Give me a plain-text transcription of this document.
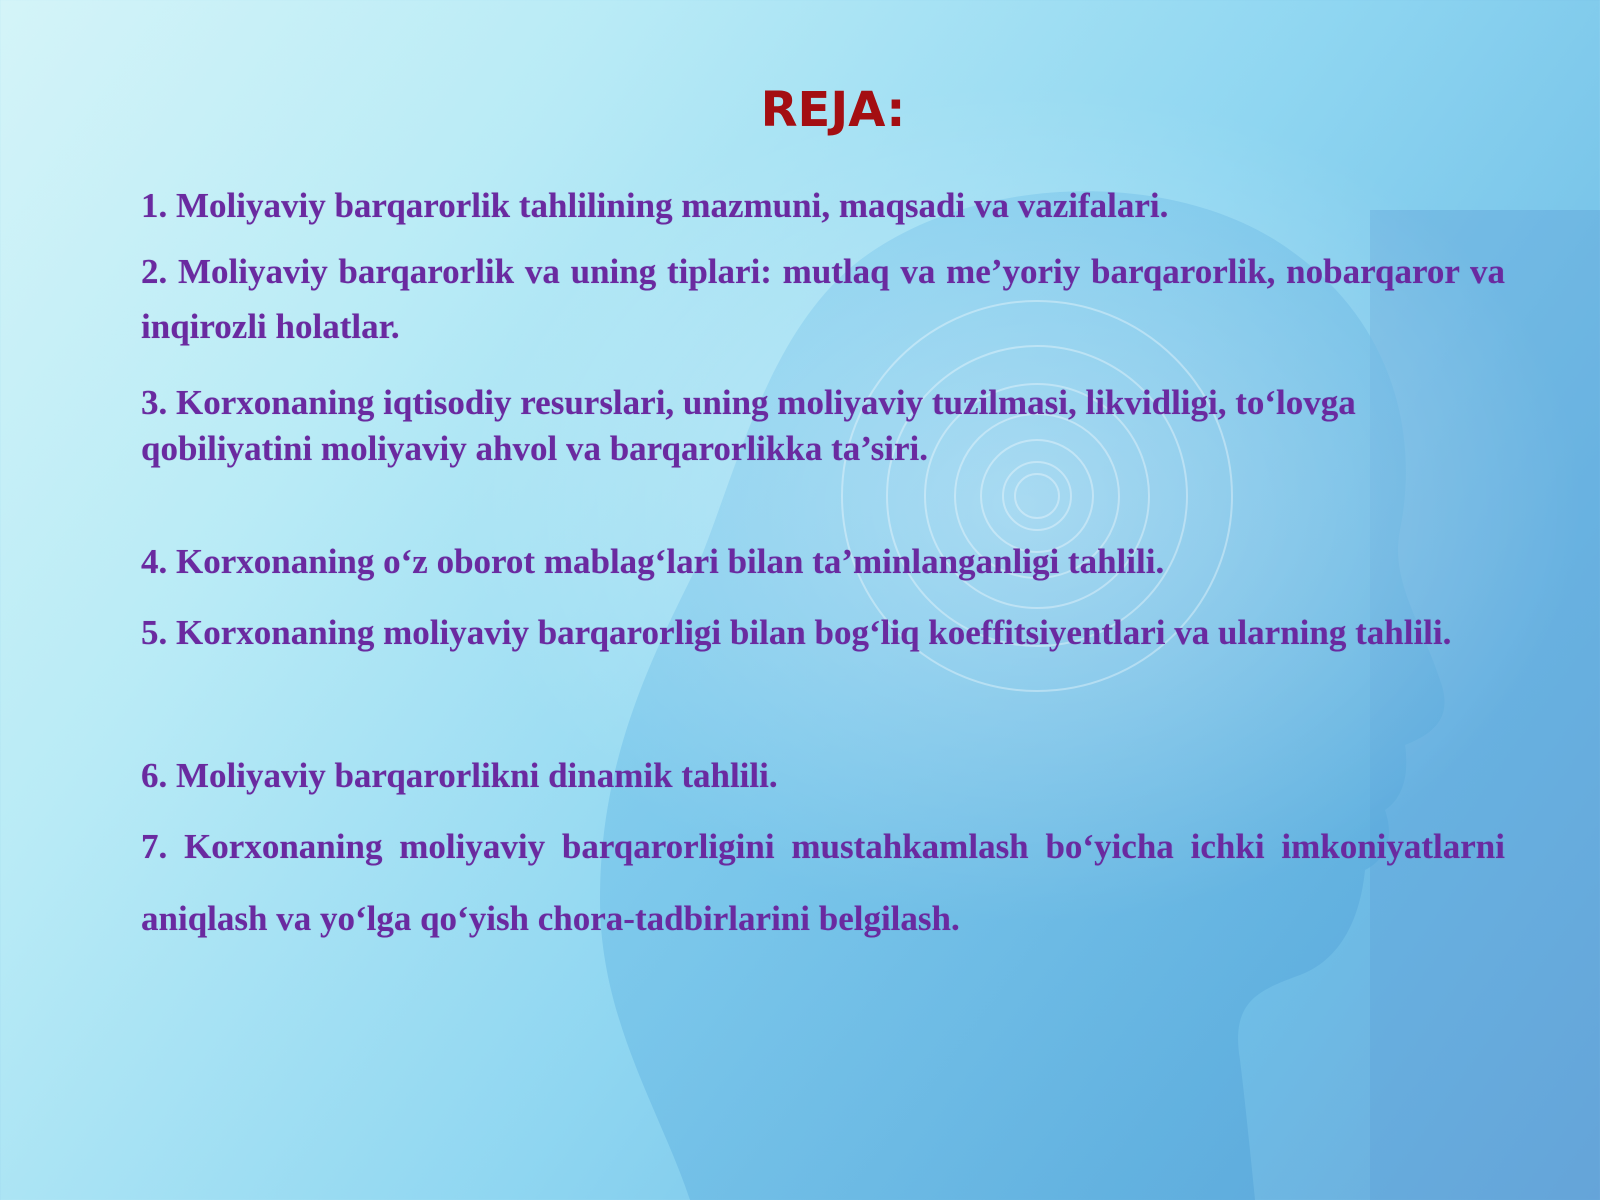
REJA:

1. Moliyaviy barqarorlik tahlilining mazmuni, maqsadi va vazifalari.

2. Moliyaviy barqarorlik va uning tiplari: mutlaq va me’yoriy barqarorlik, nobarqaror va inqirozli holatlar.

3. Korxonaning iqtisodiy resurslari, uning moliyaviy tuzilmasi, likvidligi, to‘lovga qobiliyatini moliyaviy ahvol va barqarorlikka ta’siri.

4. Korxonaning o‘z oborot mablag‘lari bilan ta’minlanganligi tahlili.

5. Korxonaning moliyaviy barqarorligi bilan bog‘liq koeffitsiyentlari va ularning tahlili.

6. Moliyaviy barqarorlikni dinamik tahlili.

7. Korxonaning moliyaviy barqarorligini mustahkamlash bo‘yicha ichki imkoniyatlarni aniqlash va yo‘lga qo‘yish chora-tadbirlarini belgilash.
